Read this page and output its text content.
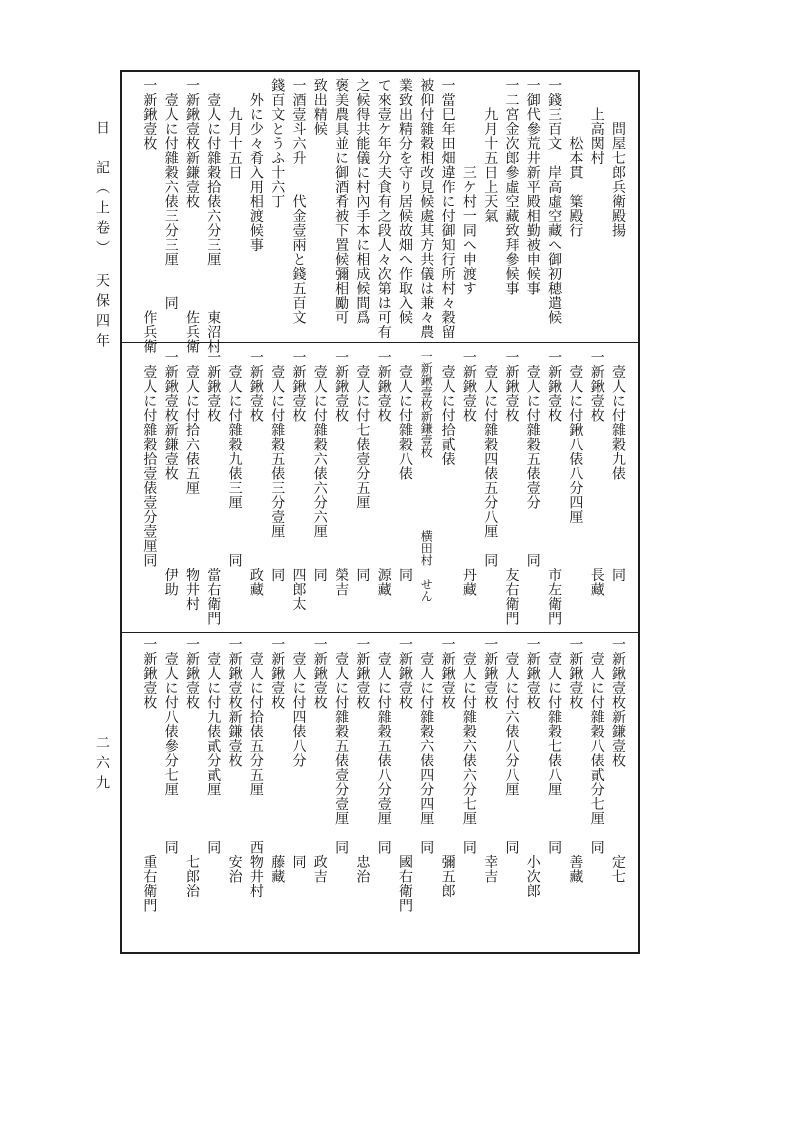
日　記（上卷）　天保四年
二六九
　　　問屋七郎兵衛殿揚
　　上高関村
　　　　松本貫　䈎殿行
一錢三百文　岸高虛空藏へ御初穂遣候
一御代參荒井新平殿相勤被申候事
一二宮金次郎參虛空藏致拜參候事
　　九月十五日上天氣
　　　　　　三ケ村一同へ申渡す
一當巳年田畑違作に付御知行所村々穀留
被仰付雜穀相改見候處其方共儀は兼々農
業致出精分を守り居候故畑へ作取入候
て來壹ケ年分夫食有之段人々次第は可有
之候得共能儀に村內手本に相成候間爲
褒美農具並に御酒肴被下置候彌相勵可
致出精候
一酒壹斗六升　　代金壹兩と錢五百文
錢百文とうふ十六丁
　外に少々肴入用相渡候事
　　九月十五日
　壹人に付雜穀拾俵六分三厘　　　東沼村
一新鍬壹枚新鎌壹枚　　　　　　　佐兵衛
　壹人に付雜穀六俵三分三厘　　同
一新鍬壹枚　　　　　　　　　　　作兵衛
　壹人に付雜穀九俵　　　　　　同
一新鍬壹枚　　　　　　　　　　長藏
　壹人に付鍬八俵八分四厘
一新鍬壹枚　　　　　　　　　　市左衛門
　壹人に付雜穀五俵壹分　　　同
一新鍬壹枚　　　　　　　　　　友右衛門
　壹人に付雜穀四俵五分八厘　同
一新鍬壹枚　　　　　　　　　　丹藏
　壹人に付拾貳俵
一新鍬壹枚新鎌壹枚　　　　　　横田村　せん
　壹人に付雜穀八俵　　　　　　同
一新鍬壹枚　　　　　　　　　　源藏
　壹人に付七俵壹分五厘　　　　同
一新鍬壹枚　　　　　　　　　　榮吉
　壹人に付雜穀六俵六分六厘　　同
一新鍬壹枚　　　　　　　　　　四郎太
　壹人に付雜穀五俵三分壹厘　　同
一新鍬壹枚　　　　　　　　　　政藏
　壹人に付雜穀九俵三厘　　　同
一新鍬壹枚　　　　　　　　　　當右衛門
　壹人に付拾六俵五厘　　　　　物井村
一新鍬壹枚新鎌壹枚　　　　　　伊助
　壹人に付雜穀拾壹俵壹分壹厘同
一新鍬壹枚新鎌壹枚　　　　　　定七
　壹人に付雜穀八俵貳分七厘　同
一新鍬壹枚　　　　　　　　　　善藏
　壹人に付雜穀七俵八厘　　　同
一新鍬壹枚　　　　　　　　　　小次郎
　壹人に付六俵八分八厘　　　同
一新鍬壹枚　　　　　　　　　　幸吉
　壹人に付雜穀六俵六分七厘　同
一新鍬壹枚　　　　　　　　　　彌五郎
　壹人に付雜穀六俵四分四厘　同
一新鍬壹枚　　　　　　　　　　國右衛門
　壹人に付雜穀五俵八分壹厘　同
一新鍬壹枚　　　　　　　　　　忠治
　壹人に付雜穀五俵壹分壹厘　同
一新鍬壹枚　　　　　　　　　　政吉
　壹人に付四俵八分　　　　　　同
一新鍬壹枚　　　　　　　　　　藤藏
　壹人に付拾俵五分五厘　　　西物井村
一新鍬壹枚新鎌壹枚　　　　　　安治
　壹人に付九俵貳分貳厘　　　同
一新鍬壹枚　　　　　　　　　　七郎治
　壹人に付八俵參分七厘　　　同
一新鍬壹枚　　　　　　　　　　重右衛門
